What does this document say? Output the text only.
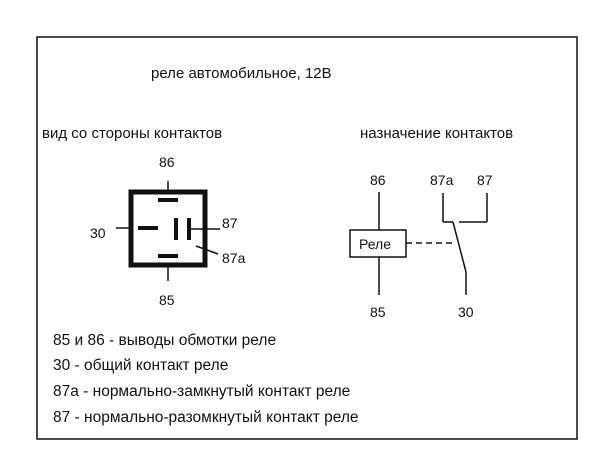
реле автомобильное, 12В
вид со стороны контактов
86
85
30
87
87a
назначение контактов
86	87a 87
Реле
85	30
85 и 86 - выводы обмотки реле
30 - общий контакт реле
87а - нормально-замкнутый контакт реле
87 - нормально-разомкнутый контакт реле
